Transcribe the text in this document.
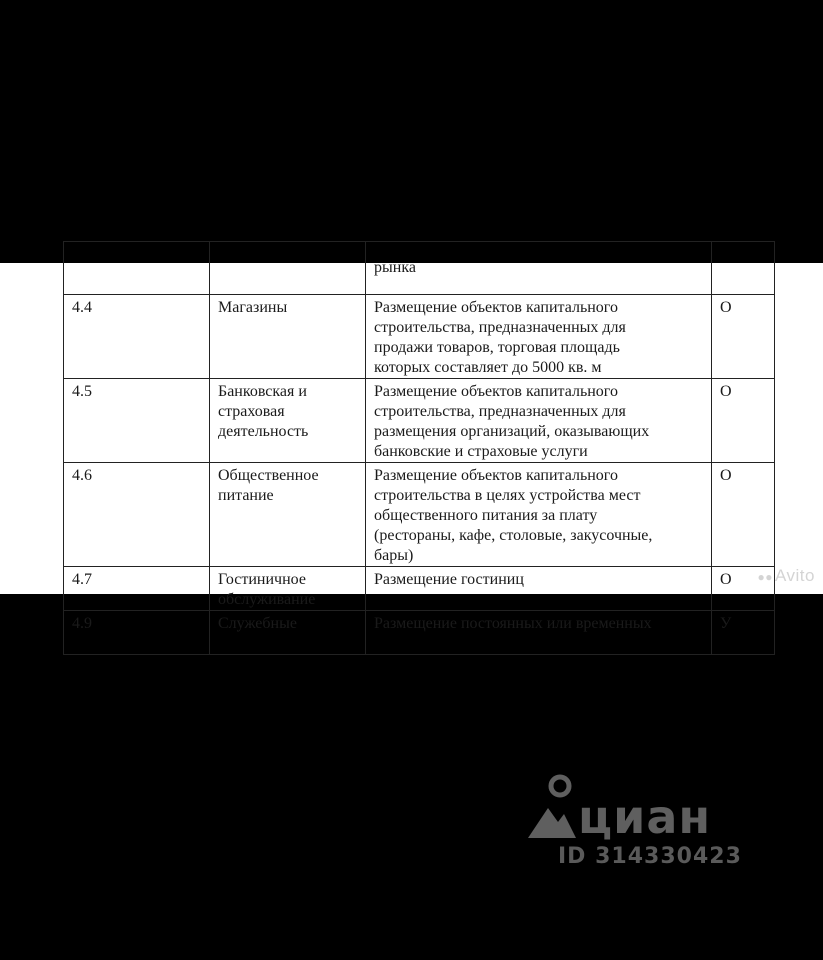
		рынка	
4.4	Магазины	Размещение объектов капитального
строительства, предназначенных для
продажи товаров, торговая площадь
которых составляет до 5000 кв. м	О
4.5	Банковская и
страховая
деятельность	Размещение объектов капитального
строительства, предназначенных для
размещения организаций, оказывающих
банковские и страховые услуги	О
4.6	Общественное
питание	Размещение объектов капитального
строительства в целях устройства мест
общественного питания за плату
(рестораны, кафе, столовые, закусочные,
бары)	О
4.7	Гостиничное
обслуживание	Размещение гостиниц	О
4.9	Служебные	Размещение постоянных или временных	У
●● Avito
циан
ID 314330423
